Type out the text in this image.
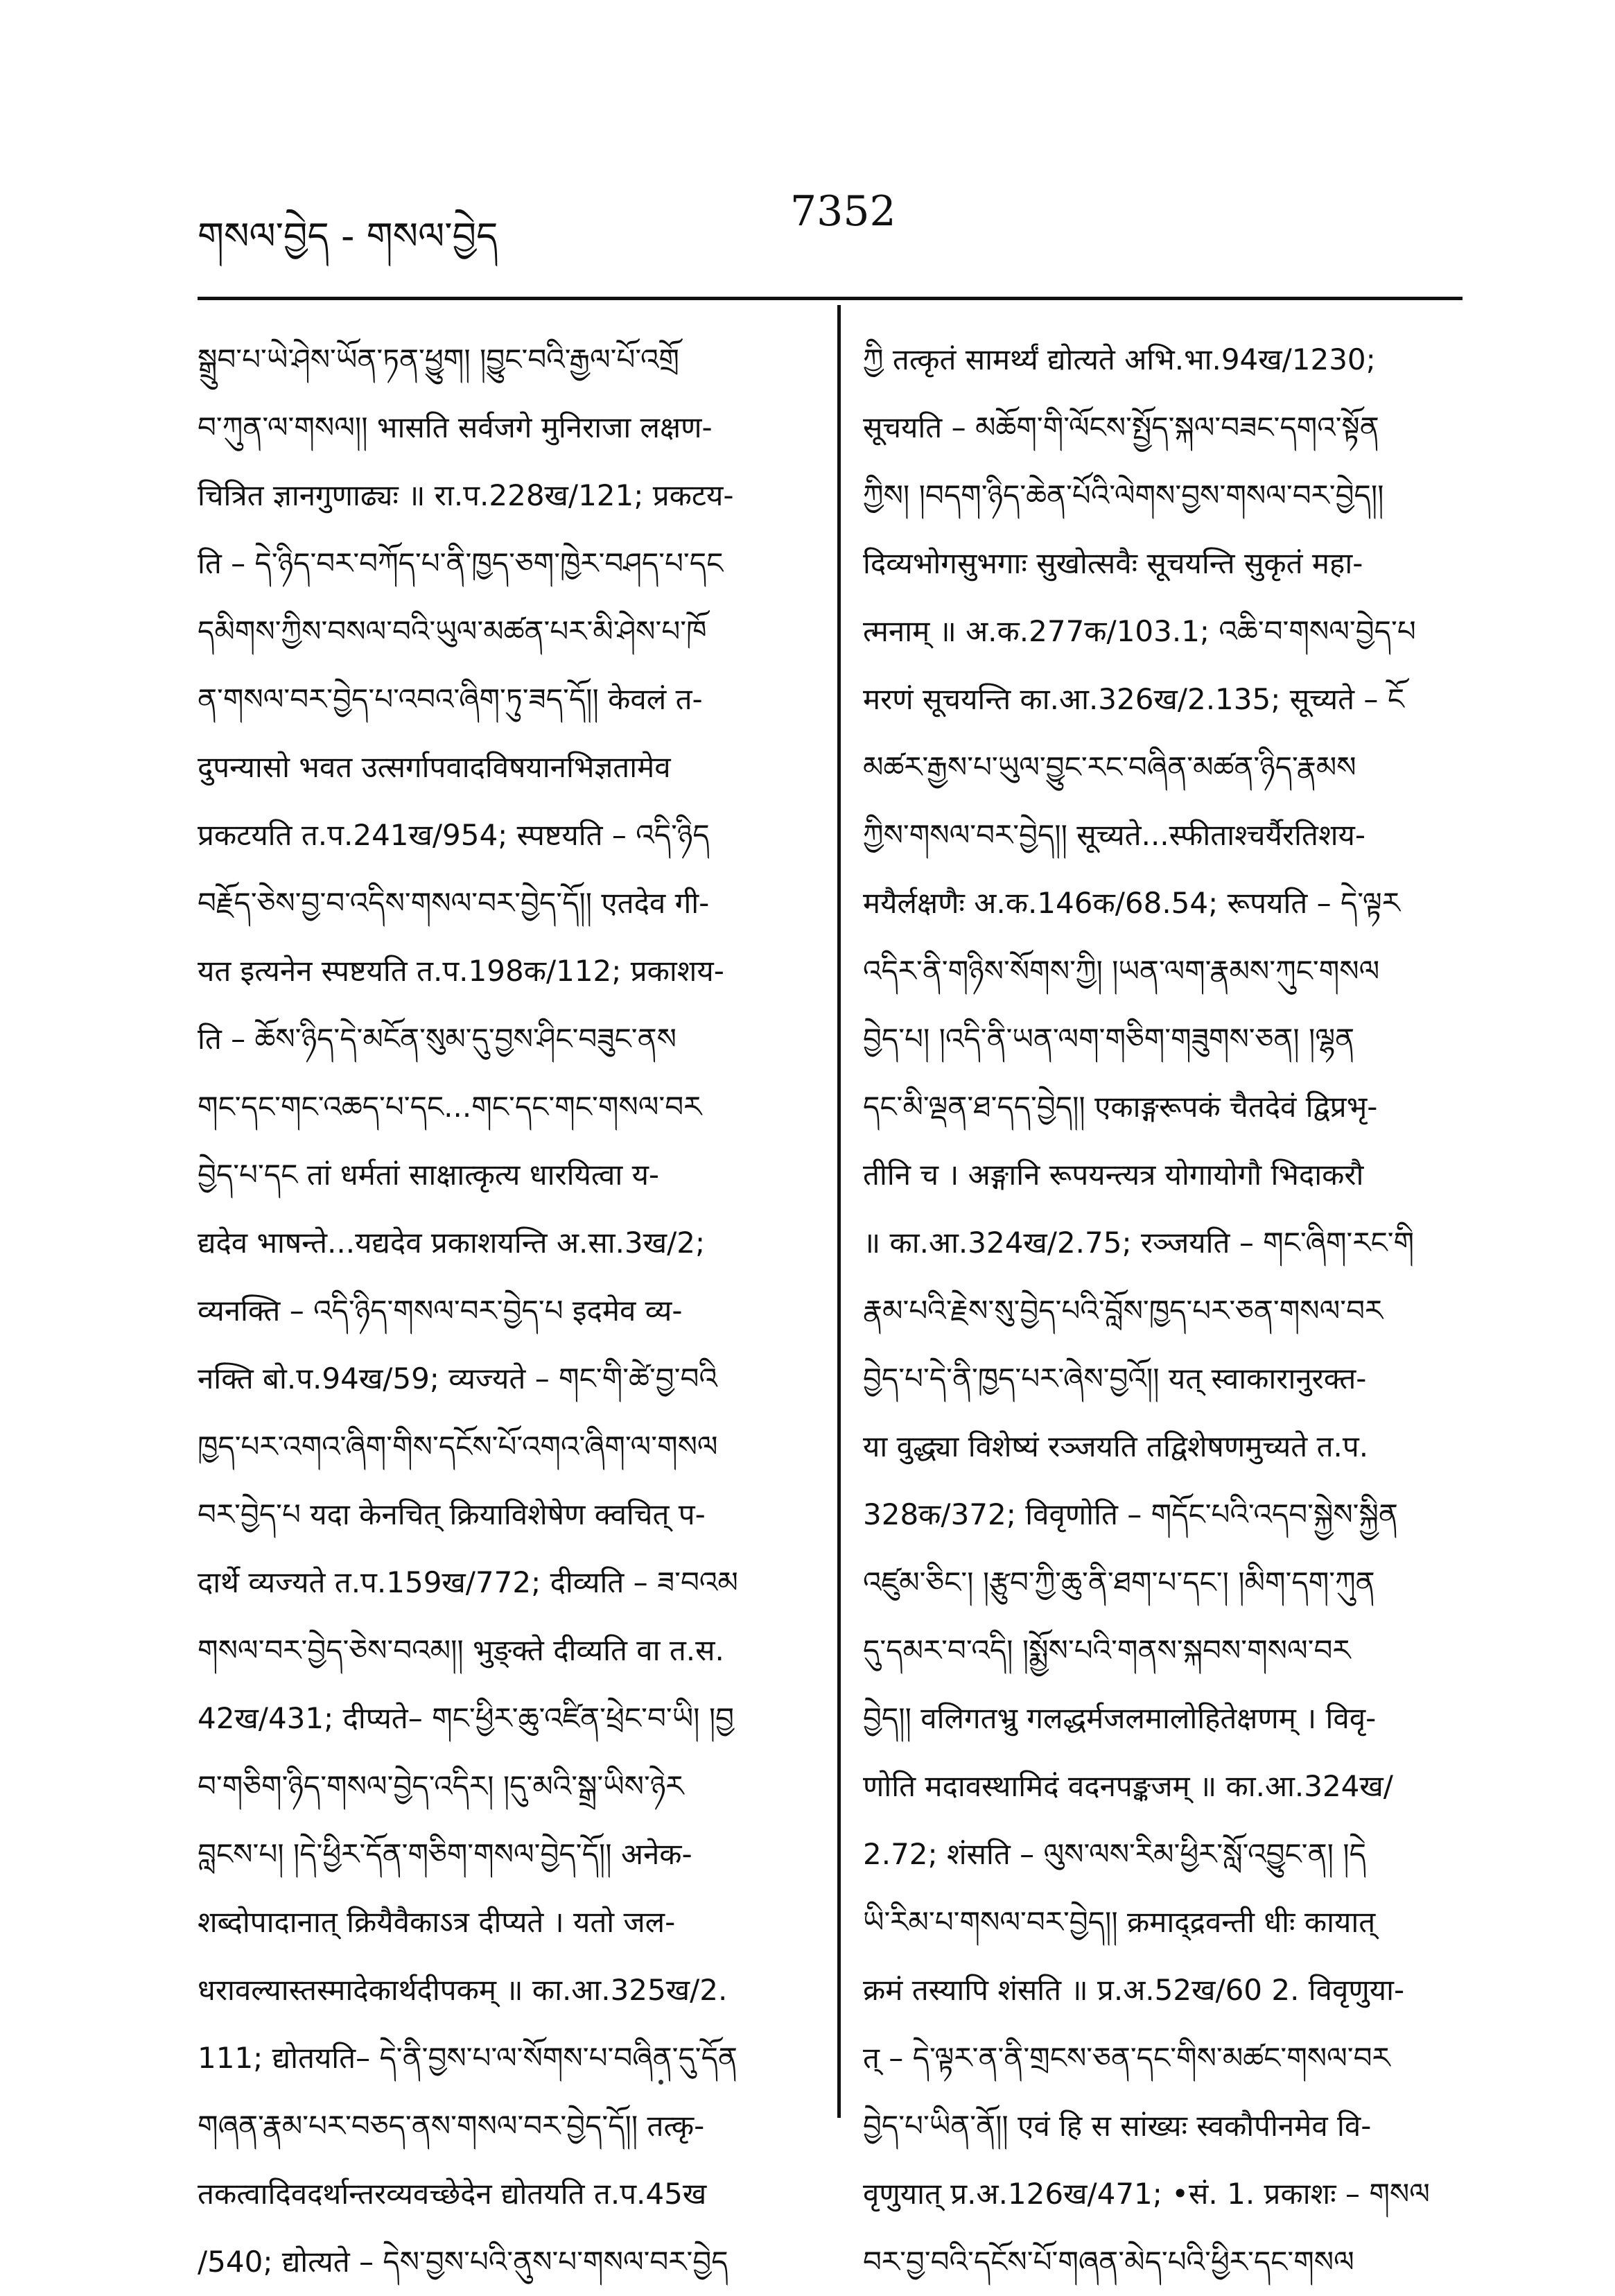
གསལ་བྱེད - གསལ་བྱེད
7352
སྒྲུབ་པ་ཡེ་ཤེས་ཡོན་ཏན་ཕྱུག། །བྱུང་བའི་རྒྱལ་པོ་འགྲོ
བ་ཀུན་ལ་གསལ།། भासति सर्वजगे मुनिराजा लक्षण-
चित्रित ज्ञानगुणाढ्यः ॥ रा.प.228ख/121; प्रकटय-
ति – དེ་ཉིད་བར་བཀོད་པ་ནི་ཁྱད་ཅག་ཁྱེར་བཤད་པ་དང
དམིགས་ཀྱིས་བསལ་བའི་ཡུལ་མཚན་པར་མི་ཤེས་པ་ཁོ
ན་གསལ་བར་བྱེད་པ་འབའ་ཞིག་ཏུ་ཟད་དོ།། केवलं त-
दुपन्यासो भवत उत्सर्गापवादविषयानभिज्ञतामेव
प्रकटयति त.प.241ख/954; स्पष्टयति – འདི་ཉིད
བརྗོད་ཅེས་བྱ་བ་འདིས་གསལ་བར་བྱེད་དོ།། एतदेव गी-
यत इत्यनेन स्पष्टयति त.प.198क/112; प्रकाशय-
ति – ཆོས་ཉིད་དེ་མངོན་སུམ་དུ་བྱས་ཤིང་བཟུང་ནས
གང་དང་གང་འཆད་པ་དང...གང་དང་གང་གསལ་བར
བྱེད་པ་དང तां धर्मतां साक्षात्कृत्य धारयित्वा य-
द्यदेव भाषन्ते...यद्यदेव प्रकाशयन्ति अ.सा.3ख/2;
व्यनक्ति – འདི་ཉིད་གསལ་བར་བྱེད་པ इदमेव व्य-
नक्ति बो.प.94ख/59; व्यज्यते – གང་གི་ཚེ་བྱ་བའི
ཁྱད་པར་འགའ་ཞིག་གིས་དངོས་པོ་འགའ་ཞིག་ལ་གསལ
བར་བྱེད་པ यदा केनचित् क्रियाविशेषेण क्वचित् प-
दार्थे व्यज्यते त.प.159ख/772; दीव्यति – ཟ་བའམ
གསལ་བར་བྱེད་ཅེས་བའམ།། भुङ्क्ते दीव्यति वा त.स.
42ख/431; दीप्यते– གང་ཕྱིར་ཆུ་འཛིན་ཕྲེང་བ་ཡི། །བྱ
བ་གཅིག་ཉིད་གསལ་བྱེད་འདིར། །དུ་མའི་སྒྲ་ཡིས་ཉེར
བླངས་པ། །དེ་ཕྱིར་དོན་གཅིག་གསལ་བྱེད་དོ།། अनेक-
शब्दोपादानात् क्रियैवैकाऽत्र दीप्यते । यतो जल-
धरावल्यास्तस्मादेकार्थदीपकम् ॥ का.आ.325ख/2.
111; द्योतयति– དེ་ནི་བྱས་པ་ལ་སོགས་པ་བཞིན་དུ་དོན
གཞན་རྣམ་པར་བཅད་ནས་གསལ་བར་བྱེད་དོ།། तत्कृ-
तकत्वादिवदर्थान्तरव्यवच्छेदेन द्योतयति त.प.45ख
/540; द्योत्यते – དེས་བྱས་པའི་ནུས་པ་གསལ་བར་བྱེད
ཀྱི तत्कृतं सामर्थ्यं द्योत्यते अभि.भा.94ख/1230;
सूचयति – མཆོག་གི་ལོངས་སྤྱོད་སྐལ་བཟང་དགའ་སྟོན
ཀྱིས། །བདག་ཉིད་ཆེན་པོའི་ལེགས་བྱས་གསལ་བར་བྱེད།།
दिव्यभोगसुभगाः सुखोत्सवैः सूचयन्ति सुकृतं महा-
त्मनाम् ॥ अ.क.277क/103.1; འཆི་བ་གསལ་བྱེད་པ
मरणं सूचयन्ति का.आ.326ख/2.135; सूच्यते – ངོ
མཚར་རྒྱས་པ་ཡུལ་བྱུང་རང་བཞིན་མཚན་ཉིད་རྣམས
ཀྱིས་གསལ་བར་བྱེད།། सूच्यते...स्फीताश्चर्यैरतिशय-
मयैर्लक्षणैः अ.क.146क/68.54; रूपयति – དེ་ལྟར
འདིར་ནི་གཉིས་སོགས་ཀྱི། །ཡན་ལག་རྣམས་ཀུང་གསལ
བྱེད་པ། །འདི་ནི་ཡན་ལག་གཅིག་གཟུགས་ཅན། །ལྷན
དང་མི་ལྡན་ཐ་དད་བྱེད།། एकाङ्गरूपकं चैतदेवं द्विप्रभृ-
तीनि च । अङ्गानि रूपयन्त्यत्र योगायोगौ भिदाकरौ
॥ का.आ.324ख/2.75; रञ्जयति – གང་ཞིག་རང་གི
རྣམ་པའི་རྗེས་སུ་བྱེད་པའི་བློས་ཁྱད་པར་ཅན་གསལ་བར
བྱེད་པ་དེ་ནི་ཁྱད་པར་ཞེས་བྱའོ།། यत् स्वाकारानुरक्त-
या वुद्ध्या विशेष्यं रञ्जयति तद्विशेषणमुच्यते त.प.
328क/372; विवृणोति – གདོང་པའི་འདབ་སྐྱེས་སྐྱིན
འཛུམ་ཅིང་། །རྩུབ་ཀྱི་ཆུ་ནི་ཐག་པ་དང་། །མིག་དག་ཀུན
དུ་དམར་བ་འདི། །སྨྱོས་པའི་གནས་སྐབས་གསལ་བར
བྱེད།། वलिगतभ्रु गलद्धर्मजलमालोहितेक्षणम् । विवृ-
णोति मदावस्थामिदं वदनपङ्कजम् ॥ का.आ.324ख/
2.72; शंसति – ལུས་ལས་རིམ་ཕྱིར་སློ་འབྱུང་ན། །དེ
ཡི་རིམ་པ་གསལ་བར་བྱེད།། क्रमाद्द्रवन्ती धीः कायात्
क्रमं तस्यापि शंसति ॥ प्र.अ.52ख/60 2. विवृणुया-
त् – དེ་ལྟར་ན་ནི་གྲངས་ཅན་དང་གིས་མཚང་གསལ་བར
བྱེད་པ་ཡིན་ནོ།། एवं हि स सांख्यः स्वकौपीनमेव वि-
वृणुयात् प्र.अ.126ख/471; •सं. 1. प्रकाशः – གསལ
བར་བྱ་བའི་དངོས་པོ་གཞན་མེད་པའི་ཕྱིར་དང་གསལ
